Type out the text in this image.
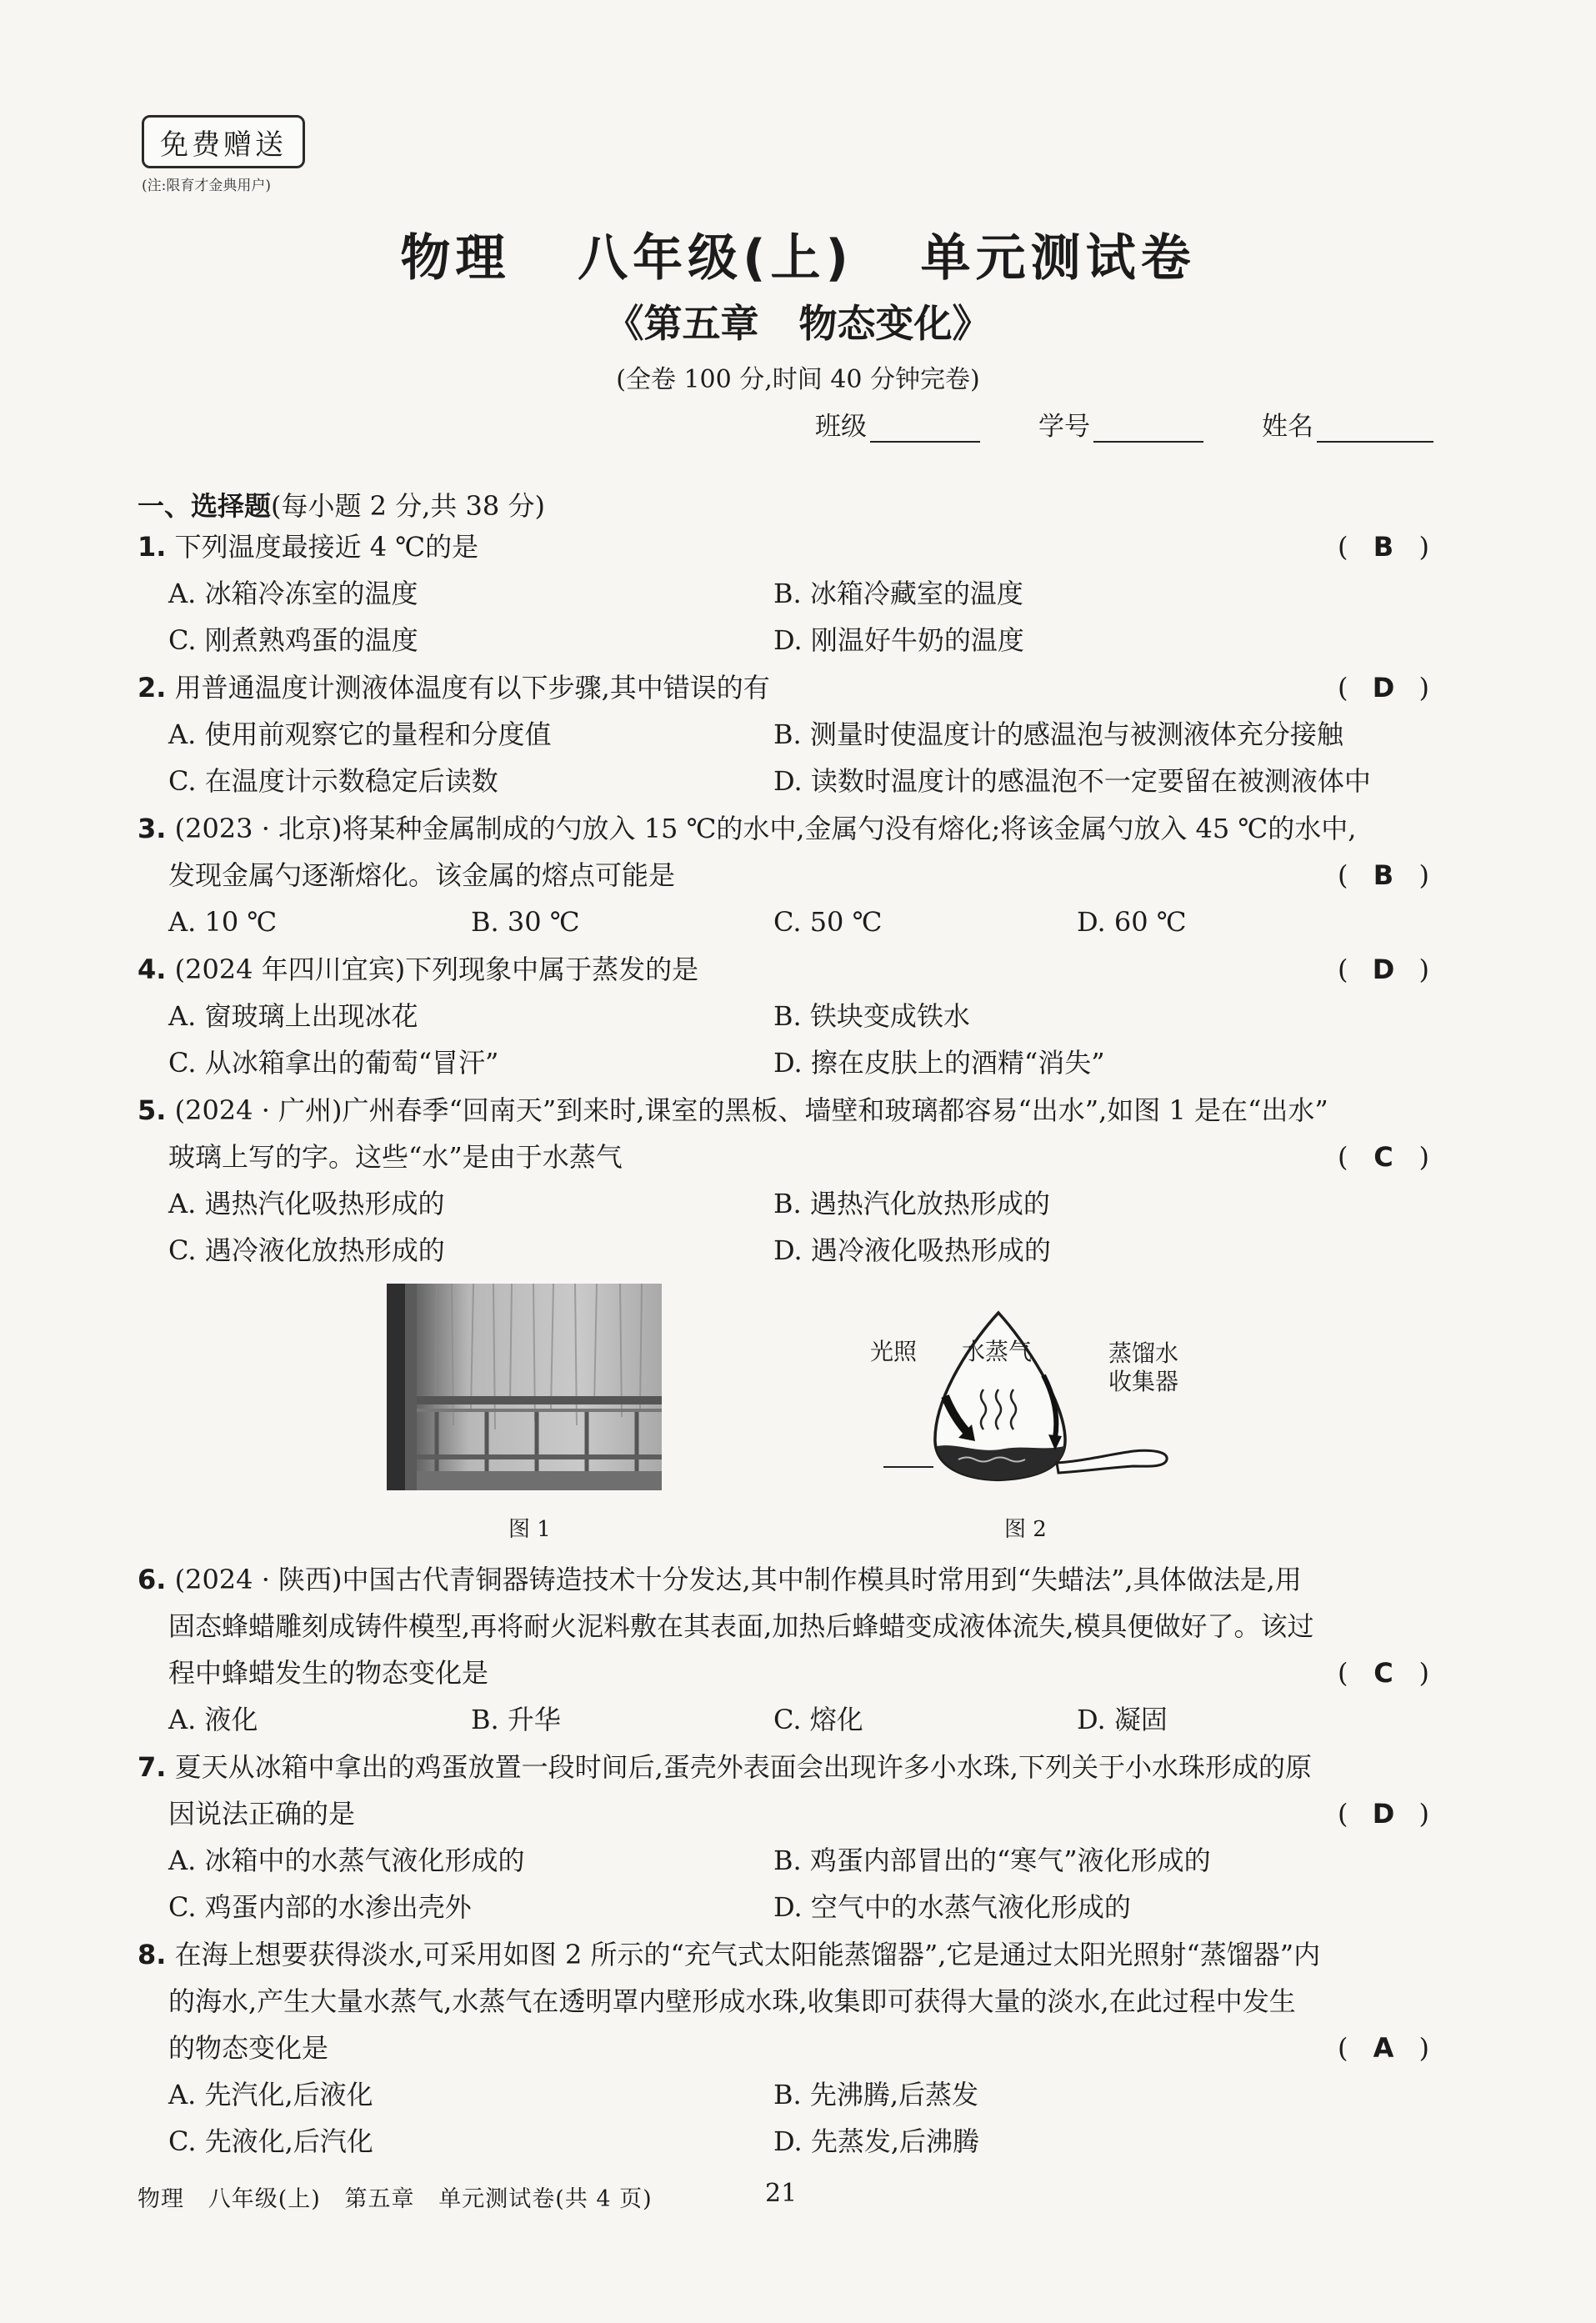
免费赠送
(注:限育才金典用户)
物理   八年级(上)   单元测试卷
《第五章   物态变化》
(全卷 100 分,时间 40 分钟完卷)
班级	学号	姓名
一、选择题(每小题 2 分,共 38 分)
1. 下列温度最接近 4 ℃的是	( B )
A. 冰箱冷冻室的温度	B. 冰箱冷藏室的温度
C. 刚煮熟鸡蛋的温度	D. 刚温好牛奶的温度
2. 用普通温度计测液体温度有以下步骤,其中错误的有	( D )
A. 使用前观察它的量程和分度值	B. 测量时使温度计的感温泡与被测液体充分接触
C. 在温度计示数稳定后读数	D. 读数时温度计的感温泡不一定要留在被测液体中
3. (2023 · 北京)将某种金属制成的勺放入 15 ℃的水中,金属勺没有熔化;将该金属勺放入 45 ℃的水中,
发现金属勺逐渐熔化。该金属的熔点可能是	( B )
A. 10 ℃	B. 30 ℃	C. 50 ℃	D. 60 ℃
4. (2024 年四川宜宾)下列现象中属于蒸发的是	( D )
A. 窗玻璃上出现冰花	B. 铁块变成铁水
C. 从冰箱拿出的葡萄“冒汗”	D. 擦在皮肤上的酒精“消失”
5. (2024 · 广州)广州春季“回南天”到来时,课室的黑板、墙壁和玻璃都容易“出水”,如图 1 是在“出水”
玻璃上写的字。这些“水”是由于水蒸气	( C )
A. 遇热汽化吸热形成的	B. 遇热汽化放热形成的
C. 遇冷液化放热形成的	D. 遇冷液化吸热形成的
图 1
光照 水蒸气	蒸馏水
收集器
图 2
6. (2024 · 陕西)中国古代青铜器铸造技术十分发达,其中制作模具时常用到“失蜡法”,具体做法是,用
固态蜂蜡雕刻成铸件模型,再将耐火泥料敷在其表面,加热后蜂蜡变成液体流失,模具便做好了。该过
程中蜂蜡发生的物态变化是	( C )
A. 液化	B. 升华	C. 熔化	D. 凝固
7. 夏天从冰箱中拿出的鸡蛋放置一段时间后,蛋壳外表面会出现许多小水珠,下列关于小水珠形成的原
因说法正确的是	( D )
A. 冰箱中的水蒸气液化形成的	B. 鸡蛋内部冒出的“寒气”液化形成的
C. 鸡蛋内部的水渗出壳外	D. 空气中的水蒸气液化形成的
8. 在海上想要获得淡水,可采用如图 2 所示的“充气式太阳能蒸馏器”,它是通过太阳光照射“蒸馏器”内
的海水,产生大量水蒸气,水蒸气在透明罩内壁形成水珠,收集即可获得大量的淡水,在此过程中发生
的物态变化是	( A )
A. 先汽化,后液化	B. 先沸腾,后蒸发
C. 先液化,后汽化	D. 先蒸发,后沸腾
物理   八年级(上)   第五章   单元测试卷(共 4 页)	21
